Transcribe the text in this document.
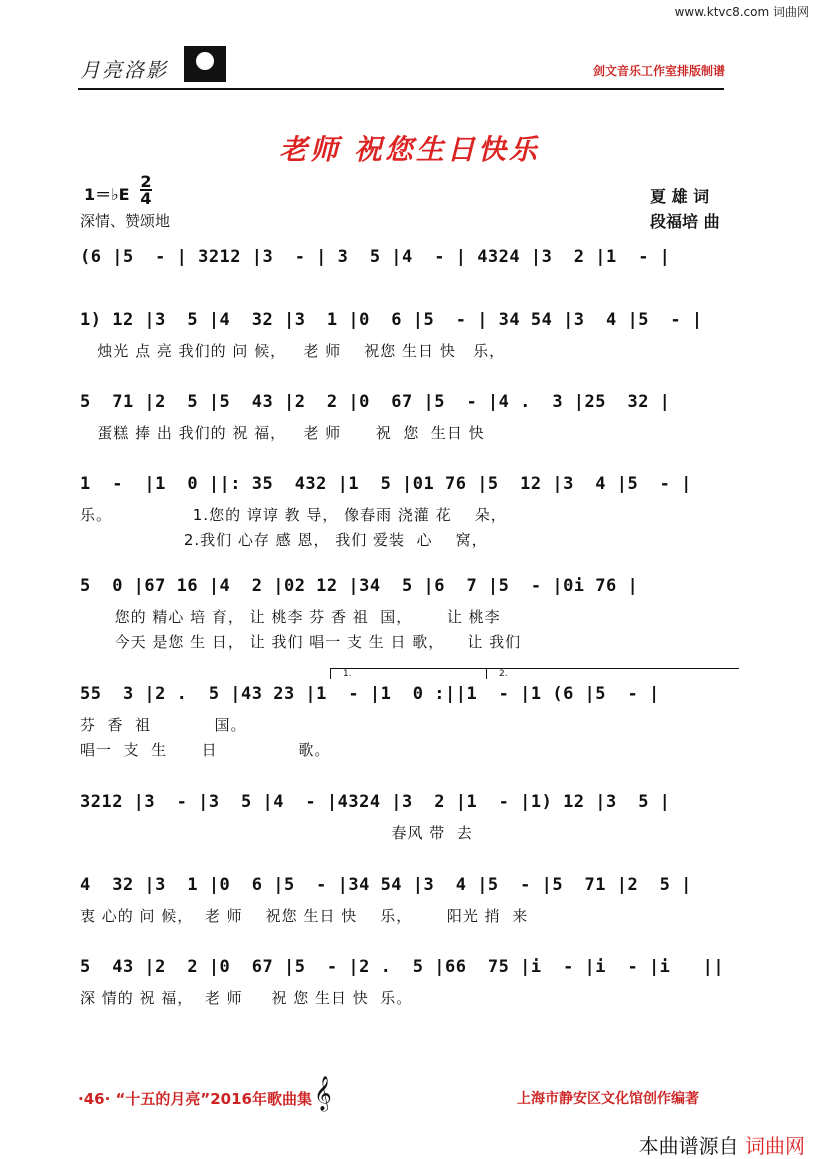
www.ktvc8.com 词曲网
月亮洛影	剑文音乐工作室排版制谱
老师 祝您生日快乐
1＝♭E
2
4
深情、赞颂地
夏 雄 词
段福培 曲
(6 |5  - | 3212 |3  - | 3  5 |4  - | 4324 |3  2 |1  - |
1) 12 |3  5 |4  32 |3  1 |0  6 |5  - | 34 54 |3  4 |5  - |
烛光 点 亮 我们的 问 候，   老 师    祝您 生日 快   乐，
5  71 |2  5 |5  43 |2  2 |0  67 |5  - |4 .  3 |25  32 |
蛋糕 捧 出 我们的 祝 福，   老 师      祝  您  生日 快
1  -  |1  0 ||: 35  432 |1  5 |01 76 |5  12 |3  4 |5  - |
乐。              1.您的 谆谆 教 导， 像春雨 浇灌 花    朵，
2.我们 心存 感 恩， 我们 爱装  心    窝，
5  0 |67 16 |4  2 |02 12 |34  5 |6  7 |5  - |0i 76 |
您的 精心 培 育， 让 桃李 芬 香 祖  国，      让 桃李
今天 是您 生 日， 让 我们 唱一 支 生 日 歌，    让 我们
55  3 |2 .  5 |43 23 |1  - |1  0 :||1  - |1 (6 |5  - |
1.	2.
芬  香  祖           国。
唱一  支  生      日              歌。
3212 |3  - |3  5 |4  - |4324 |3  2 |1  - |1) 12 |3  5 |
春风 带  去
4  32 |3  1 |0  6 |5  - |34 54 |3  4 |5  - |5  71 |2  5 |
衷 心的 问 候，  老 师    祝您 生日 快    乐，      阳光 捎  来
5  43 |2  2 |0  67 |5  - |2 .  5 |66  75 |i  - |i  - |i   ||
深 情的 祝 福，  老 师     祝 您 生日 快  乐。
·46· “十五的月亮”2016年歌曲集 𝄞	上海市静安区文化馆创作编著
本曲谱源自 词曲网
